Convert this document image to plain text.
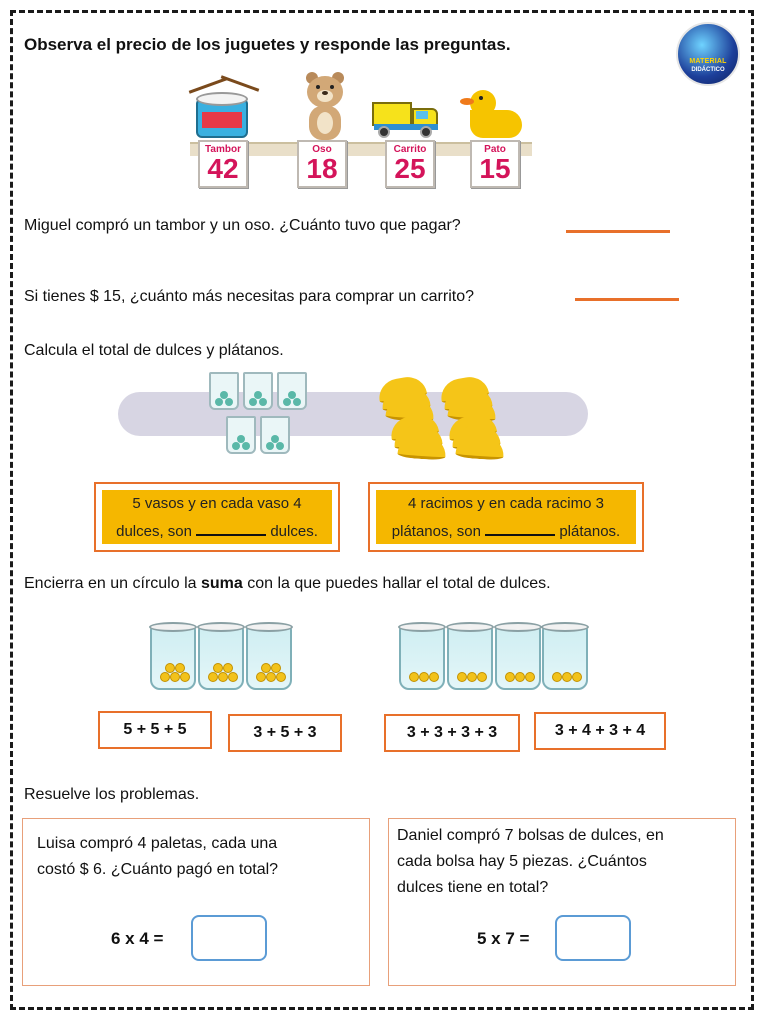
Observa el precio de los juguetes y responde las preguntas.
MATERIAL
DIDÁCTICO
Tambor
42
Oso
18
Carrito
25
Pato
15
Miguel compró un tambor y un oso. ¿Cuánto tuvo que pagar?
Si tienes $ 15, ¿cuánto más necesitas para comprar un carrito?
Calcula el total de dulces y plátanos.
5 vasos y en cada vaso 4
dulces, son	dulces.
4 racimos y en cada racimo 3
plátanos, son	plátanos.
Encierra en un círculo la suma con la que puedes hallar el total de dulces.
5 + 5 + 5	3 + 5 + 3	3 + 3 + 3 + 3	3 + 4 + 3 + 4
Resuelve los problemas.
Luisa compró 4 paletas, cada una
costó $ 6. ¿Cuánto pagó en total?
6 x 4 =
Daniel compró 7 bolsas de dulces, en
cada bolsa hay 5 piezas. ¿Cuántos
dulces tiene en total?
5 x 7 =
